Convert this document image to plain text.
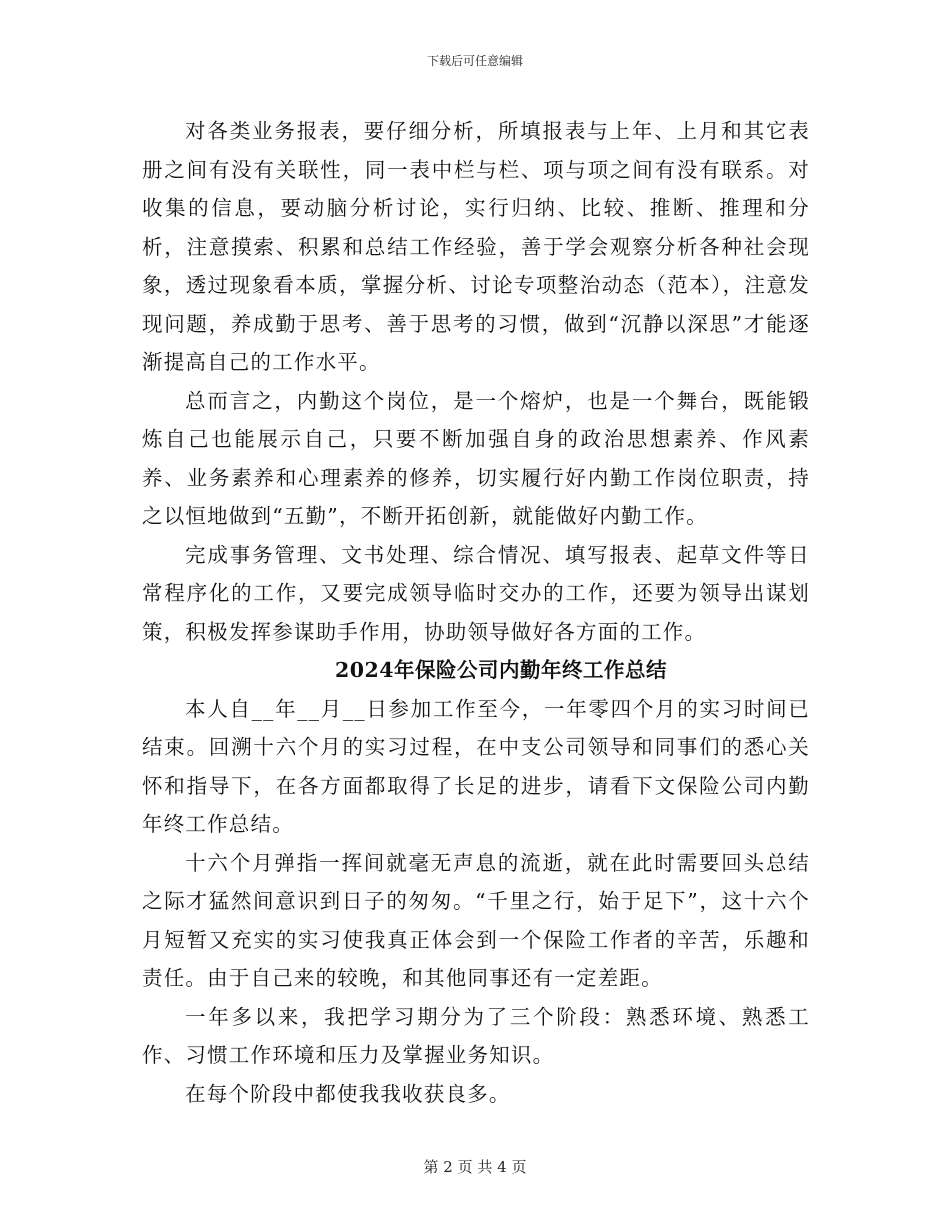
下载后可任意编辑

对各类业务报表，要仔细分析，所填报表与上年、上月和其它表册之间有没有关联性，同一表中栏与栏、项与项之间有没有联系。对收集的信息，要动脑分析讨论，实行归纳、比较、推断、推理和分析，注意摸索、积累和总结工作经验，善于学会观察分析各种社会现象，透过现象看本质，掌握分析、讨论专项整治动态（范本），注意发现问题，养成勤于思考、善于思考的习惯，做到“沉静以深思”才能逐渐提高自己的工作水平。

总而言之，内勤这个岗位，是一个熔炉，也是一个舞台，既能锻炼自己也能展示自己，只要不断加强自身的政治思想素养、作风素养、业务素养和心理素养的修养，切实履行好内勤工作岗位职责，持之以恒地做到“五勤”，不断开拓创新，就能做好内勤工作。

完成事务管理、文书处理、综合情况、填写报表、起草文件等日常程序化的工作，又要完成领导临时交办的工作，还要为领导出谋划策，积极发挥参谋助手作用，协助领导做好各方面的工作。

2024年保险公司内勤年终工作总结

本人自__年__月__日参加工作至今，一年零四个月的实习时间已结束。回溯十六个月的实习过程，在中支公司领导和同事们的悉心关怀和指导下，在各方面都取得了长足的进步，请看下文保险公司内勤年终工作总结。

十六个月弹指一挥间就毫无声息的流逝，就在此时需要回头总结之际才猛然间意识到日子的匆匆。“千里之行，始于足下”，这十六个月短暂又充实的实习使我真正体会到一个保险工作者的辛苦，乐趣和责任。由于自己来的较晚，和其他同事还有一定差距。

一年多以来，我把学习期分为了三个阶段：熟悉环境、熟悉工作、习惯工作环境和压力及掌握业务知识。

在每个阶段中都使我我收获良多。

第 2 页 共 4 页
